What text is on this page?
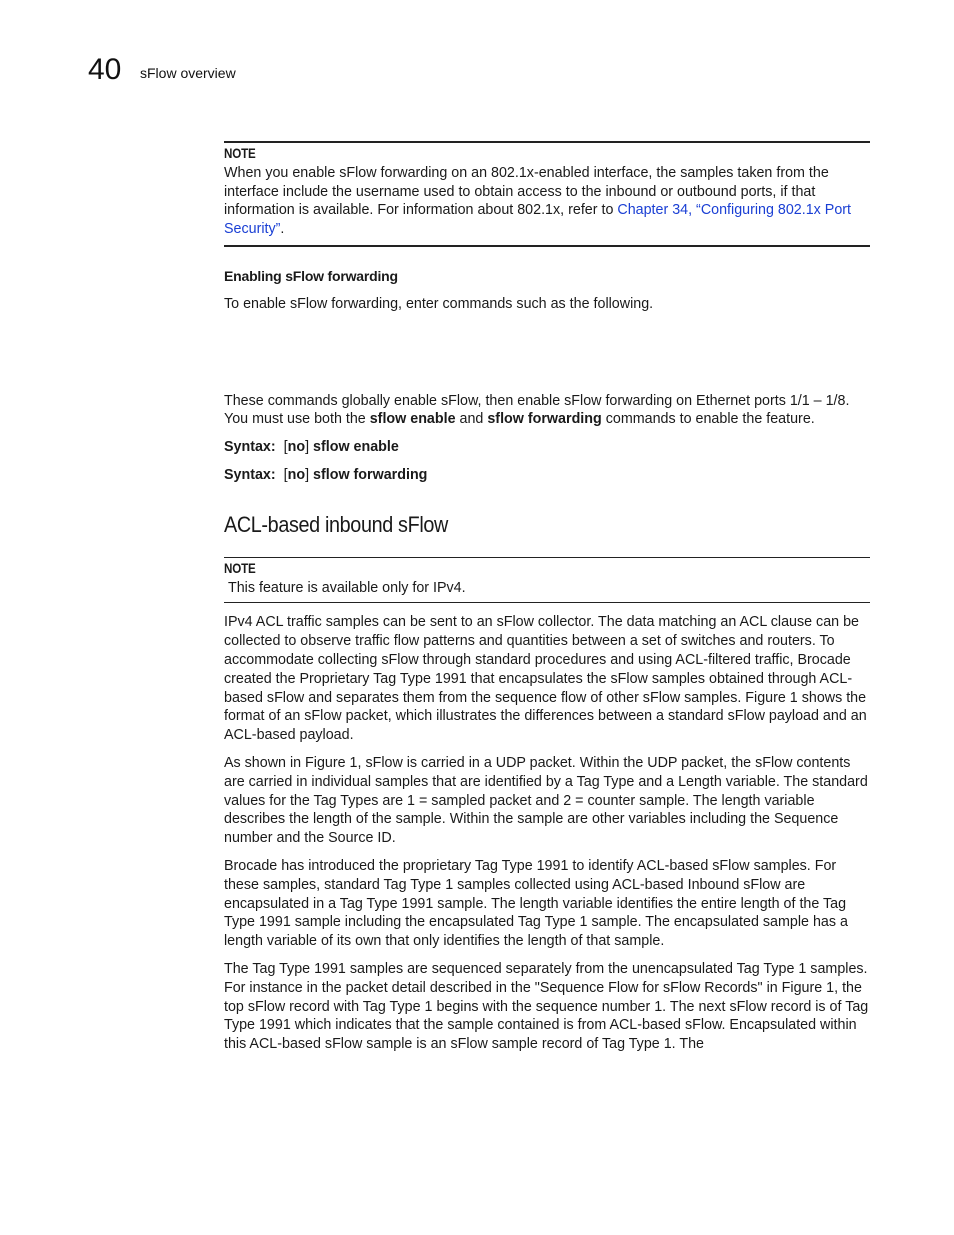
40 sFlow overview
NOTE

When you enable sFlow forwarding on an 802.1x-enabled interface, the samples taken from the interface include the username used to obtain access to the inbound or outbound ports, if that information is available. For information about 802.1x, refer to Chapter 34, “Configuring 802.1x Port Security”.

Enabling sFlow forwarding

To enable sFlow forwarding, enter commands such as the following.

These commands globally enable sFlow, then enable sFlow forwarding on Ethernet ports 1/1 – 1/8. You must use both the sflow enable and sflow forwarding commands to enable the feature.

Syntax: [no] sflow enable

Syntax: [no] sflow forwarding

ACL-based inbound sFlow
NOTE

This feature is available only for IPv4.

IPv4 ACL traffic samples can be sent to an sFlow collector. The data matching an ACL clause can be collected to observe traffic flow patterns and quantities between a set of switches and routers. To accommodate collecting sFlow through standard procedures and using ACL-filtered traffic, Brocade created the Proprietary Tag Type 1991 that encapsulates the sFlow samples obtained through ACL-based sFlow and separates them from the sequence flow of other sFlow samples. Figure 1 shows the format of an sFlow packet, which illustrates the differences between a standard sFlow payload and an ACL-based payload.

As shown in Figure 1, sFlow is carried in a UDP packet. Within the UDP packet, the sFlow contents are carried in individual samples that are identified by a Tag Type and a Length variable. The standard values for the Tag Types are 1 = sampled packet and 2 = counter sample. The length variable describes the length of the sample. Within the sample are other variables including the Sequence number and the Source ID.

Brocade has introduced the proprietary Tag Type 1991 to identify ACL-based sFlow samples. For these samples, standard Tag Type 1 samples collected using ACL-based Inbound sFlow are encapsulated in a Tag Type 1991 sample. The length variable identifies the entire length of the Tag Type 1991 sample including the encapsulated Tag Type 1 sample. The encapsulated sample has a length variable of its own that only identifies the length of that sample.

The Tag Type 1991 samples are sequenced separately from the unencapsulated Tag Type 1 samples. For instance in the packet detail described in the "Sequence Flow for sFlow Records" in Figure 1, the top sFlow record with Tag Type 1 begins with the sequence number 1. The next sFlow record is of Tag Type 1991 which indicates that the sample contained is from ACL-based sFlow. Encapsulated within this ACL-based sFlow sample is an sFlow sample record of Tag Type 1. The
